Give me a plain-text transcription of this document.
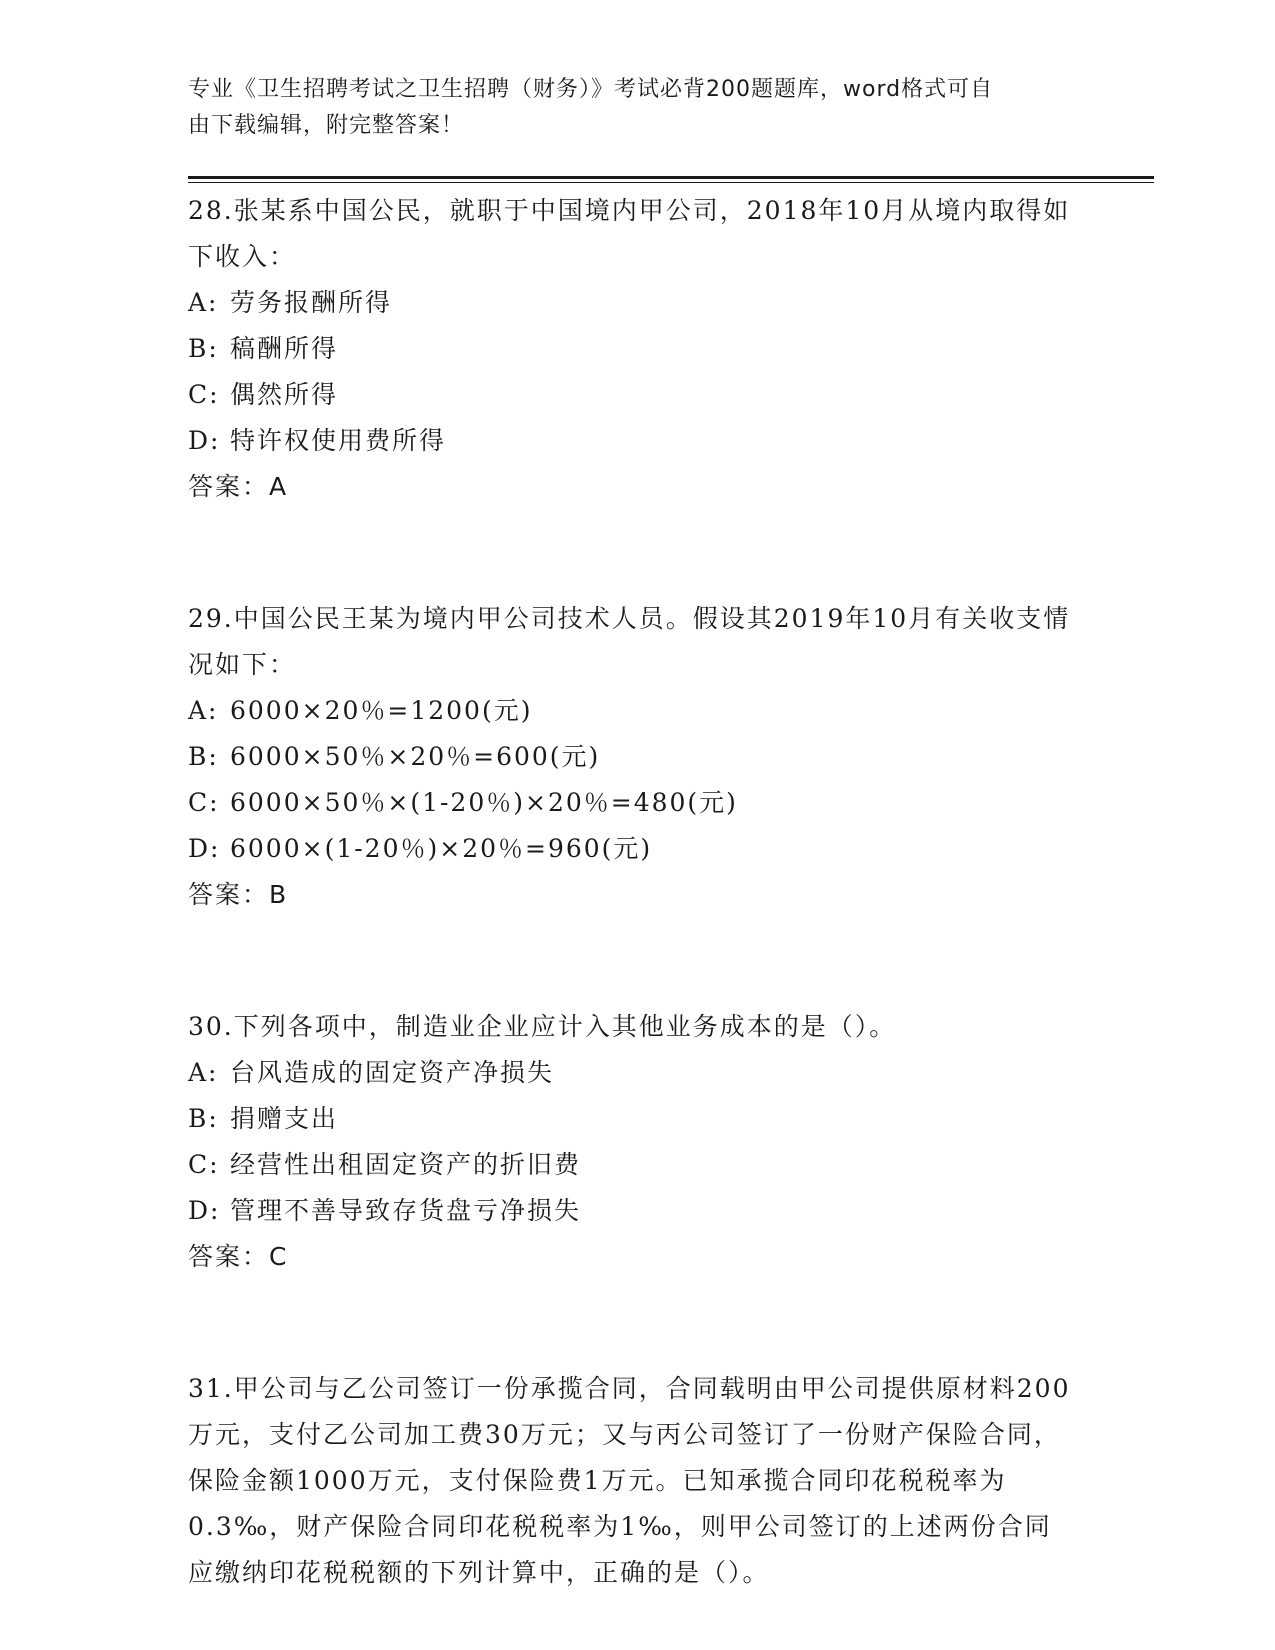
专业《卫生招聘考试之卫生招聘（财务）》考试必背200题题库，word格式可自
由下载编辑，附完整答案！

28.张某系中国公民，就职于中国境内甲公司，2018年10月从境内取得如下收入：

A: 劳务报酬所得
B: 稿酬所得
C: 偶然所得
D: 特许权使用费所得
答案：A

29.中国公民王某为境内甲公司技术人员。假设其2019年10月有关收支情况如下：

A: 6000×20％=1200(元)
B: 6000×50％×20％=600(元)
C: 6000×50％×(1-20％)×20％=480(元)
D: 6000×(1-20％)×20％=960(元)
答案：B

30.下列各项中，制造业企业应计入其他业务成本的是（）。

A: 台风造成的固定资产净损失
B: 捐赠支出
C: 经营性出租固定资产的折旧费
D: 管理不善导致存货盘亏净损失
答案：C

31.甲公司与乙公司签订一份承揽合同，合同载明由甲公司提供原材料200万元，支付乙公司加工费30万元；又与丙公司签订了一份财产保险合同，保险金额1000万元，支付保险费1万元。已知承揽合同印花税税率为0.3‰，财产保险合同印花税税率为1‰，则甲公司签订的上述两份合同应缴纳印花税税额的下列计算中，正确的是（）。
